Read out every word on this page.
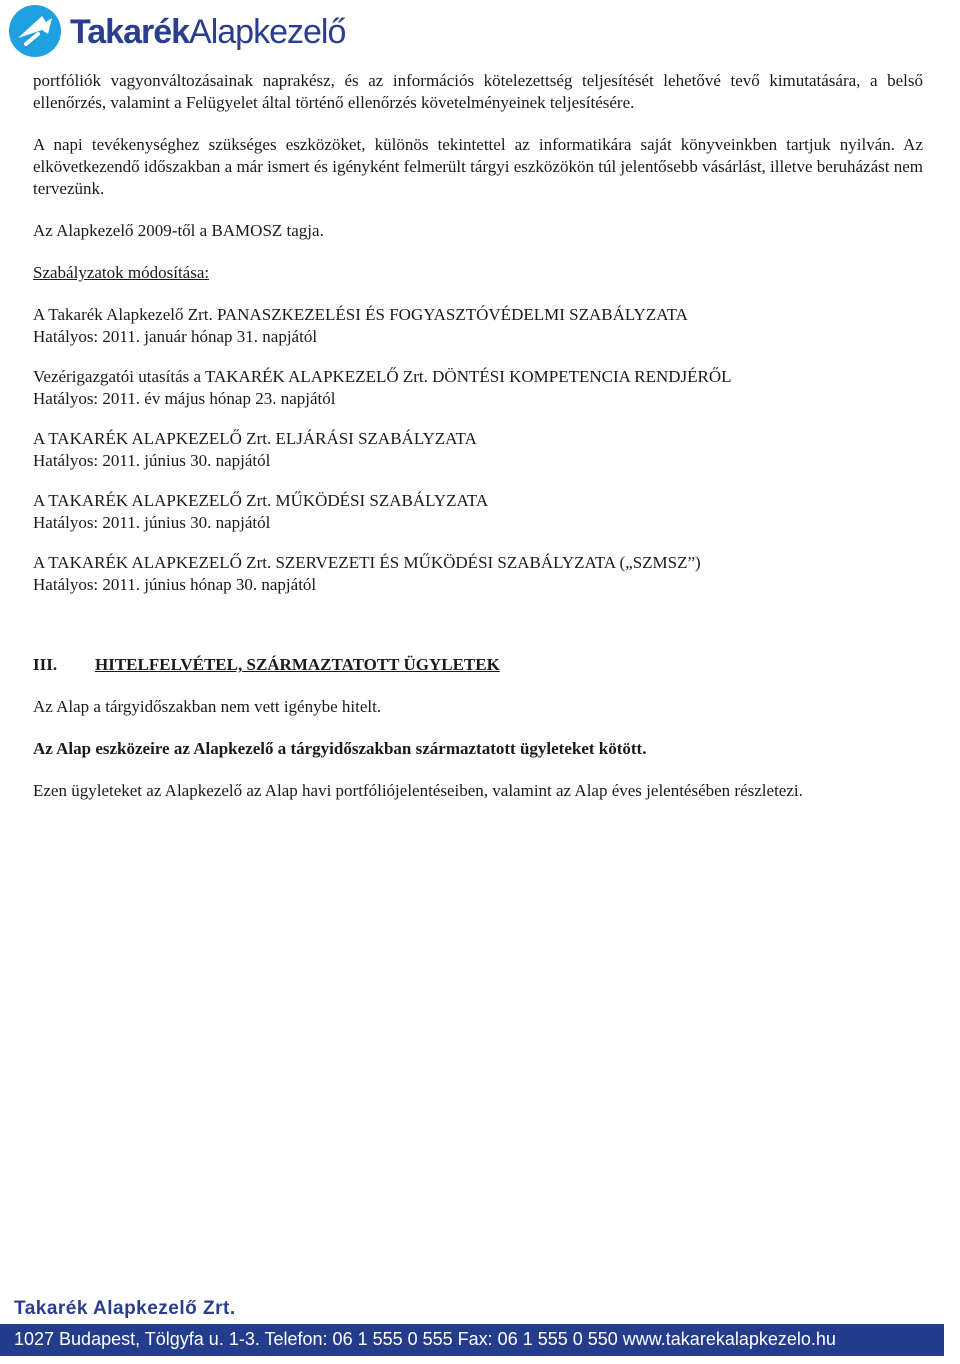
TakarékAlapkezelő

portfóliók vagyonváltozásainak naprakész, és az információs kötelezettség teljesítését lehetővé tevő kimutatására, a belső ellenőrzés, valamint a Felügyelet által történő ellenőrzés követelményeinek teljesítésére.

A napi tevékenységhez szükséges eszközöket, különös tekintettel az informatikára saját könyveinkben tartjuk nyilván. Az elkövetkezendő időszakban a már ismert és igényként felmerült tárgyi eszközökön túl jelentősebb vásárlást, illetve beruházást nem tervezünk.

Az Alapkezelő 2009-től a BAMOSZ tagja.

Szabályzatok módosítása:

A Takarék Alapkezelő Zrt. PANASZKEZELÉSI ÉS FOGYASZTÓVÉDELMI SZABÁLYZATA

Hatályos: 2011. január hónap 31. napjától

Vezérigazgatói utasítás a TAKARÉK ALAPKEZELŐ Zrt. DÖNTÉSI KOMPETENCIA RENDJÉRŐL

Hatályos: 2011. év május hónap 23. napjától

A TAKARÉK ALAPKEZELŐ Zrt. ELJÁRÁSI SZABÁLYZATA

Hatályos: 2011. június 30. napjától

A TAKARÉK ALAPKEZELŐ Zrt. MŰKÖDÉSI SZABÁLYZATA

Hatályos: 2011. június 30. napjától

A TAKARÉK ALAPKEZELŐ Zrt. SZERVEZETI ÉS MŰKÖDÉSI SZABÁLYZATA („SZMSZ”)

Hatályos: 2011. június hónap 30. napjától

III.	HITELFELVÉTEL, SZÁRMAZTATOTT ÜGYLETEK

Az Alap a tárgyidőszakban nem vett igénybe hitelt.

Az Alap eszközeire az Alapkezelő a tárgyidőszakban származtatott ügyleteket kötött.

Ezen ügyleteket az Alapkezelő az Alap havi portfóliójelentéseiben, valamint az Alap éves jelentésében részletezi.

Takarék Alapkezelő Zrt.
1027 Budapest, Tölgyfa u. 1-3. Telefon: 06 1 555 0 555 Fax: 06 1 555 0 550 www.takarekalapkezelo.hu
